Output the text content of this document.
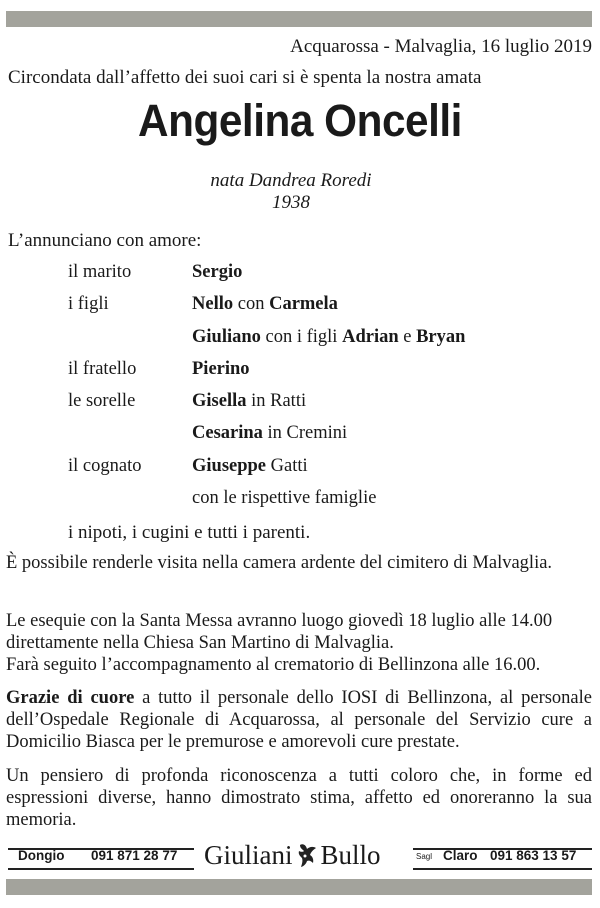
Acquarossa - Malvaglia, 16 luglio 2019
Circondata dall’affetto dei suoi cari si è spenta la nostra amata
Angelina Oncelli
nata Dandrea Roredi
1938
L’annunciano con amore:
il marito	Sergio
i figli	Nello con Carmela
Giuliano con i figli Adrian e Bryan
il fratello	Pierino
le sorelle	Gisella in Ratti
Cesarina in Cremini
il cognato	Giuseppe Gatti
con le rispettive famiglie
i nipoti, i cugini e tutti i parenti.
È possibile renderle visita nella camera ardente del cimitero di Malvaglia.
Le esequie con la Santa Messa avranno luogo giovedì 18 luglio alle 14.00 direttamente nella Chiesa San Martino di Malvaglia.
Farà seguito l’accompagnamento al crematorio di Bellinzona alle 16.00.
Grazie di cuore a tutto il personale dello IOSI di Bellinzona, al personale dell’Ospedale Regionale di Acquarossa, al personale del Servizio cure a Domicilio Biasca per le premurose e amorevoli cure prestate.
Un pensiero di profonda riconoscenza a tutti coloro che, in forme ed espressioni diverse, hanno dimostrato stima, affetto ed onoreranno la sua memoria.
Dongio 091 871 28 77 Giuliani Bullo	Sagl Claro 091 863 13 57
